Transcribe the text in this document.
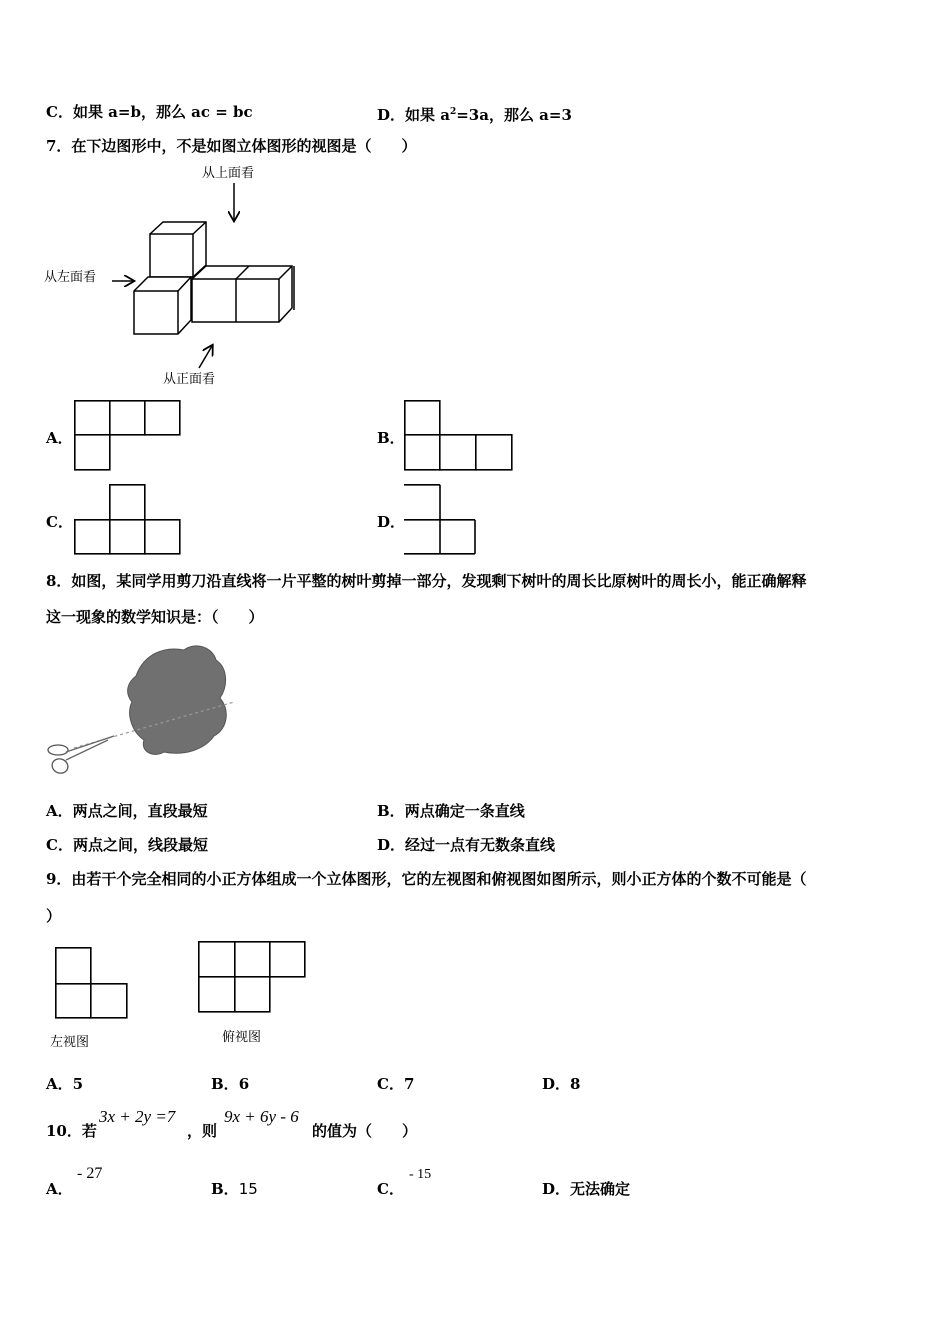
C．如果 a=b，那么 ac = bc	D．如果 $a^2=3a$，那么 a=3
7．在下边图形中，不是如图立体图形的视图是（　　）
从上面看
从左面看
从正面看
A．	B．
C．	D．
8．如图，某同学用剪刀沿直线将一片平整的树叶剪掉一部分，发现剩下树叶的周长比原树叶的周长小，能正确解释
这一现象的数学知识是：（　　）
A．两点之间，直段最短	B．两点确定一条直线
C．两点之间，线段最短	D．经过一点有无数条直线
9．由若干个完全相同的小正方体组成一个立体图形，它的左视图和俯视图如图所示，则小正方体的个数不可能是（
）
左视图	俯视图
A．5	B．6	C．7	D．8
10．若
3x + 2y =7
，则
9x + 6y - 6
的值为（　　）
A．
- 27
B．15	C．
- 15
D．无法确定
